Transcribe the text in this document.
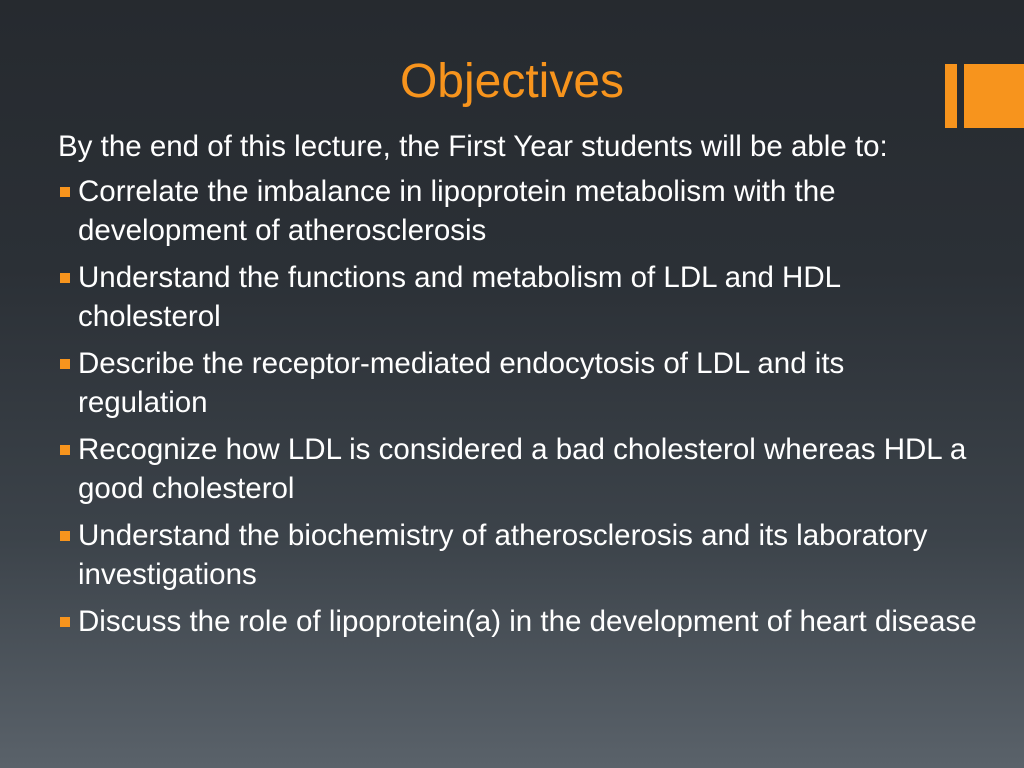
Objectives

By the end of this lecture, the First Year students will be able to:

Correlate the imbalance in lipoprotein metabolism with the development of atherosclerosis
Understand the functions and metabolism of LDL and HDL cholesterol
Describe the receptor-mediated endocytosis of LDL and its regulation
Recognize how LDL is considered a bad cholesterol whereas HDL a good cholesterol
Understand the biochemistry of atherosclerosis and its laboratory investigations
Discuss the role of lipoprotein(a) in the development of heart disease
